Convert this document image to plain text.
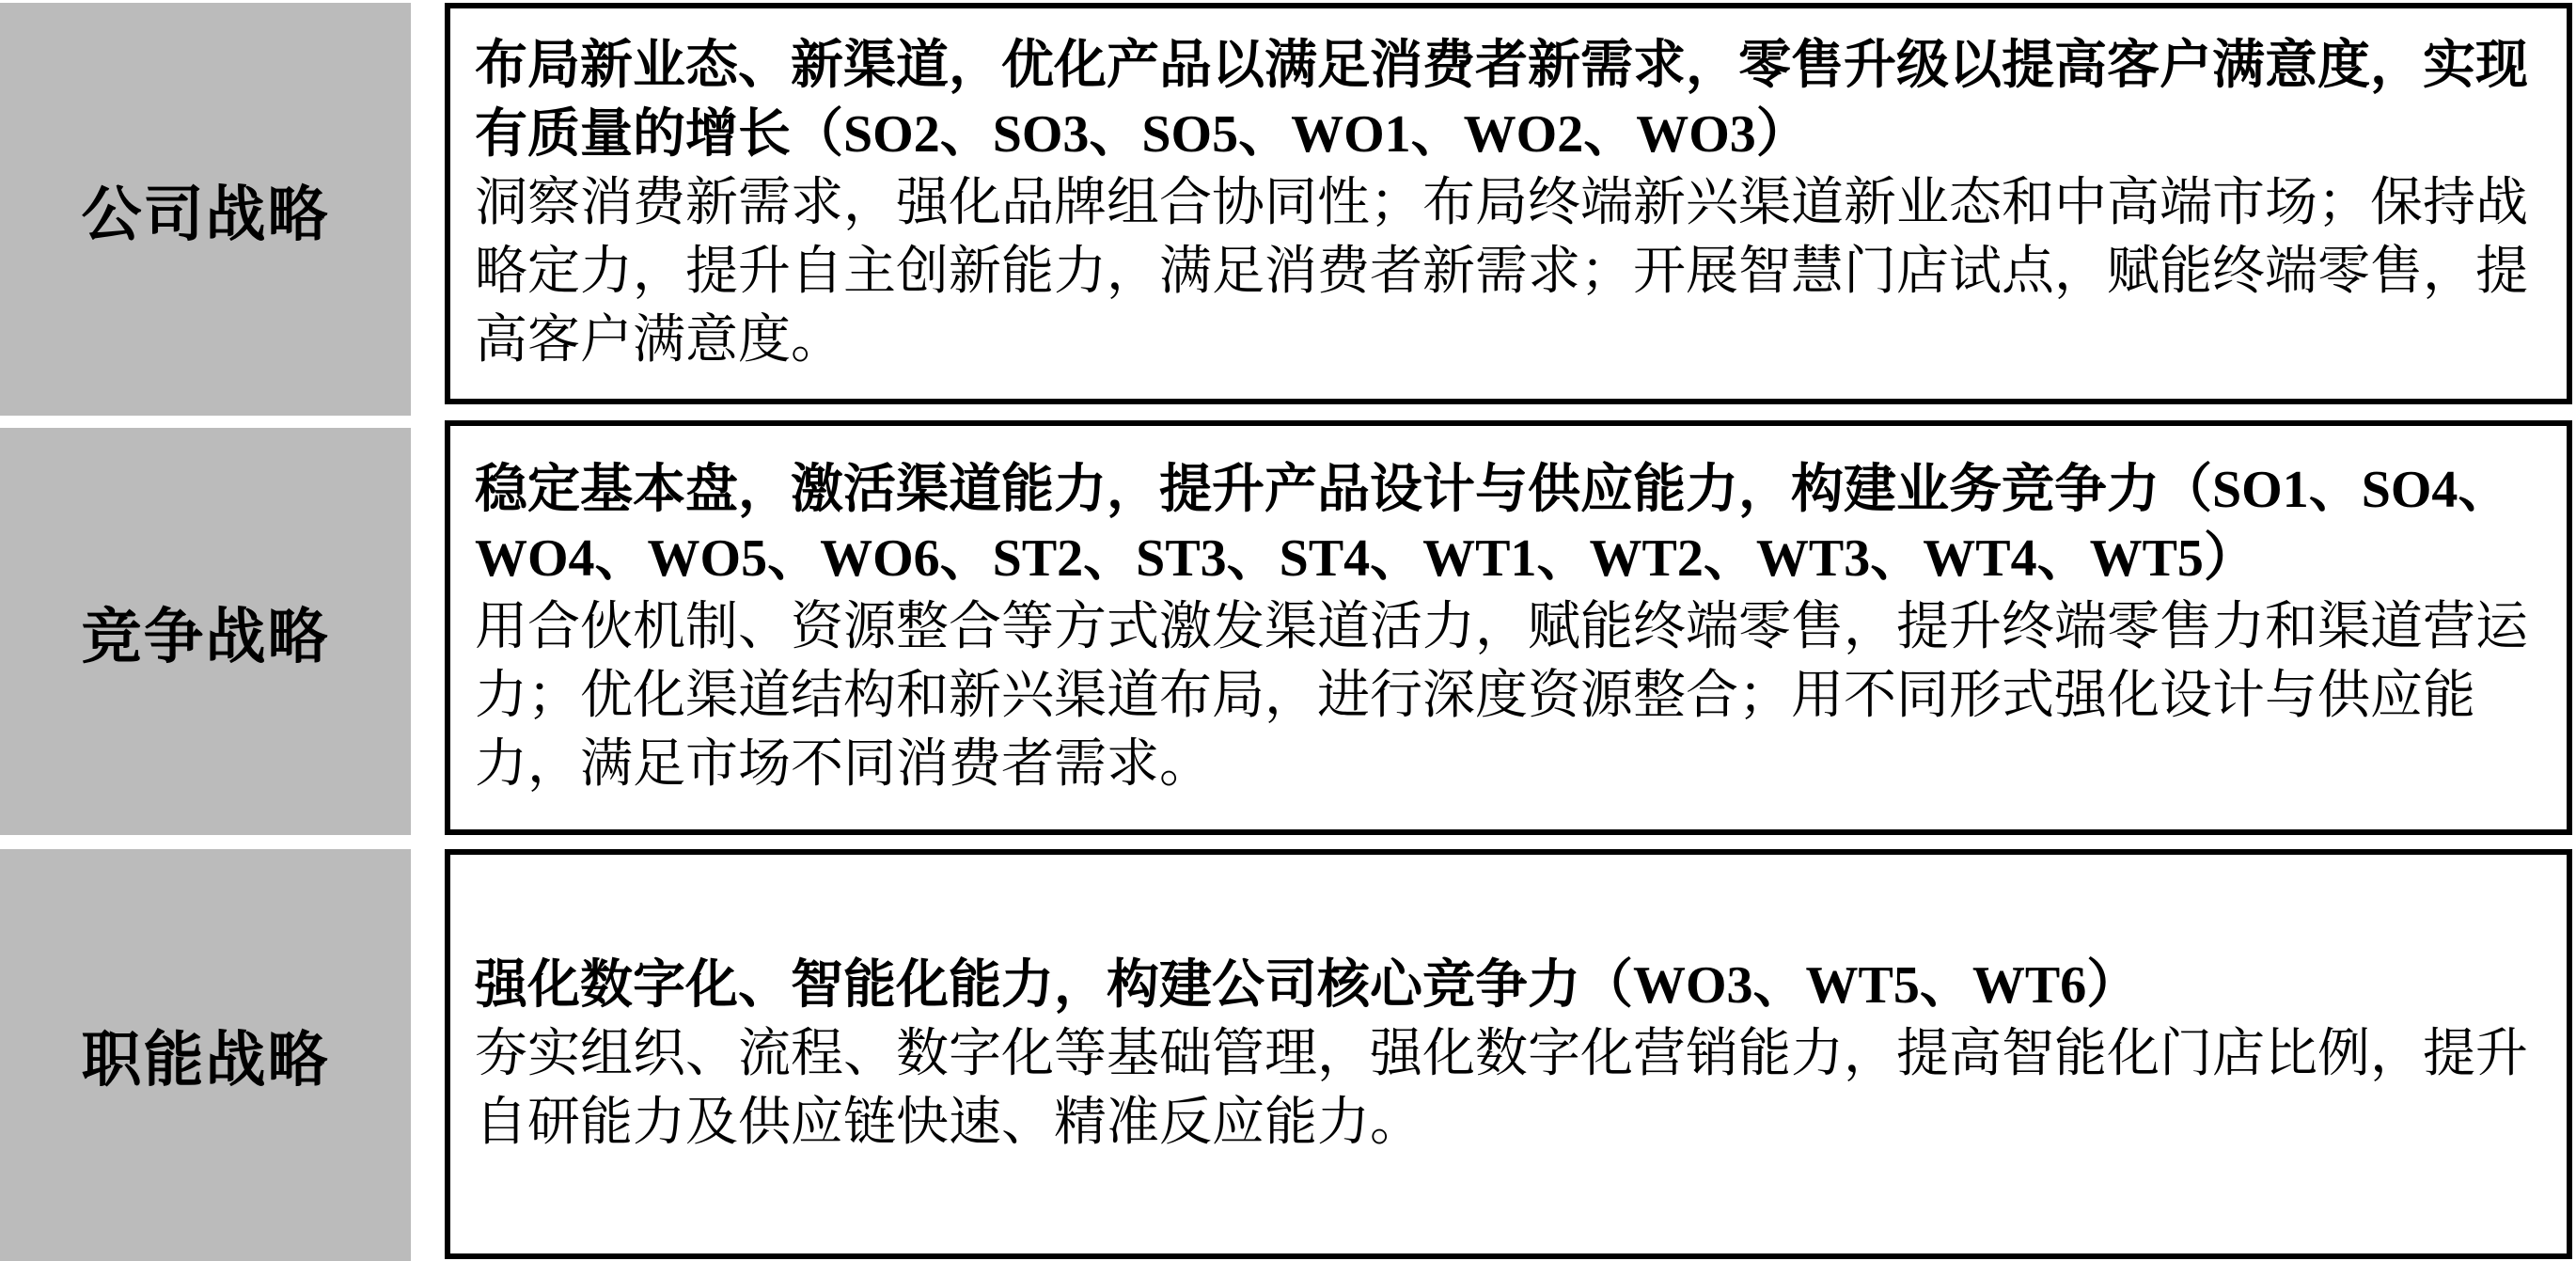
公司战略
布局新业态、新渠道，优化产品以满足消费者新需求，零售升级以提高客户满意度，实现有质量的增长（SO2、SO3、SO5、WO1、WO2、WO3）
洞察消费新需求，强化品牌组合协同性；布局终端新兴渠道新业态和中高端市场；保持战略定力，提升自主创新能力，满足消费者新需求；开展智慧门店试点，赋能终端零售，提高客户满意度。
竞争战略
稳定基本盘，激活渠道能力，提升产品设计与供应能力，构建业务竞争力（SO1、SO4、WO4、WO5、WO6、ST2、ST3、ST4、WT1、WT2、WT3、WT4、WT5）
用合伙机制、资源整合等方式激发渠道活力，赋能终端零售，提升终端零售力和渠道营运力；优化渠道结构和新兴渠道布局，进行深度资源整合；用不同形式强化设计与供应能力，满足市场不同消费者需求。
职能战略
强化数字化、智能化能力，构建公司核心竞争力（WO3、WT5、WT6）
夯实组织、流程、数字化等基础管理，强化数字化营销能力，提高智能化门店比例，提升自研能力及供应链快速、精准反应能力。
